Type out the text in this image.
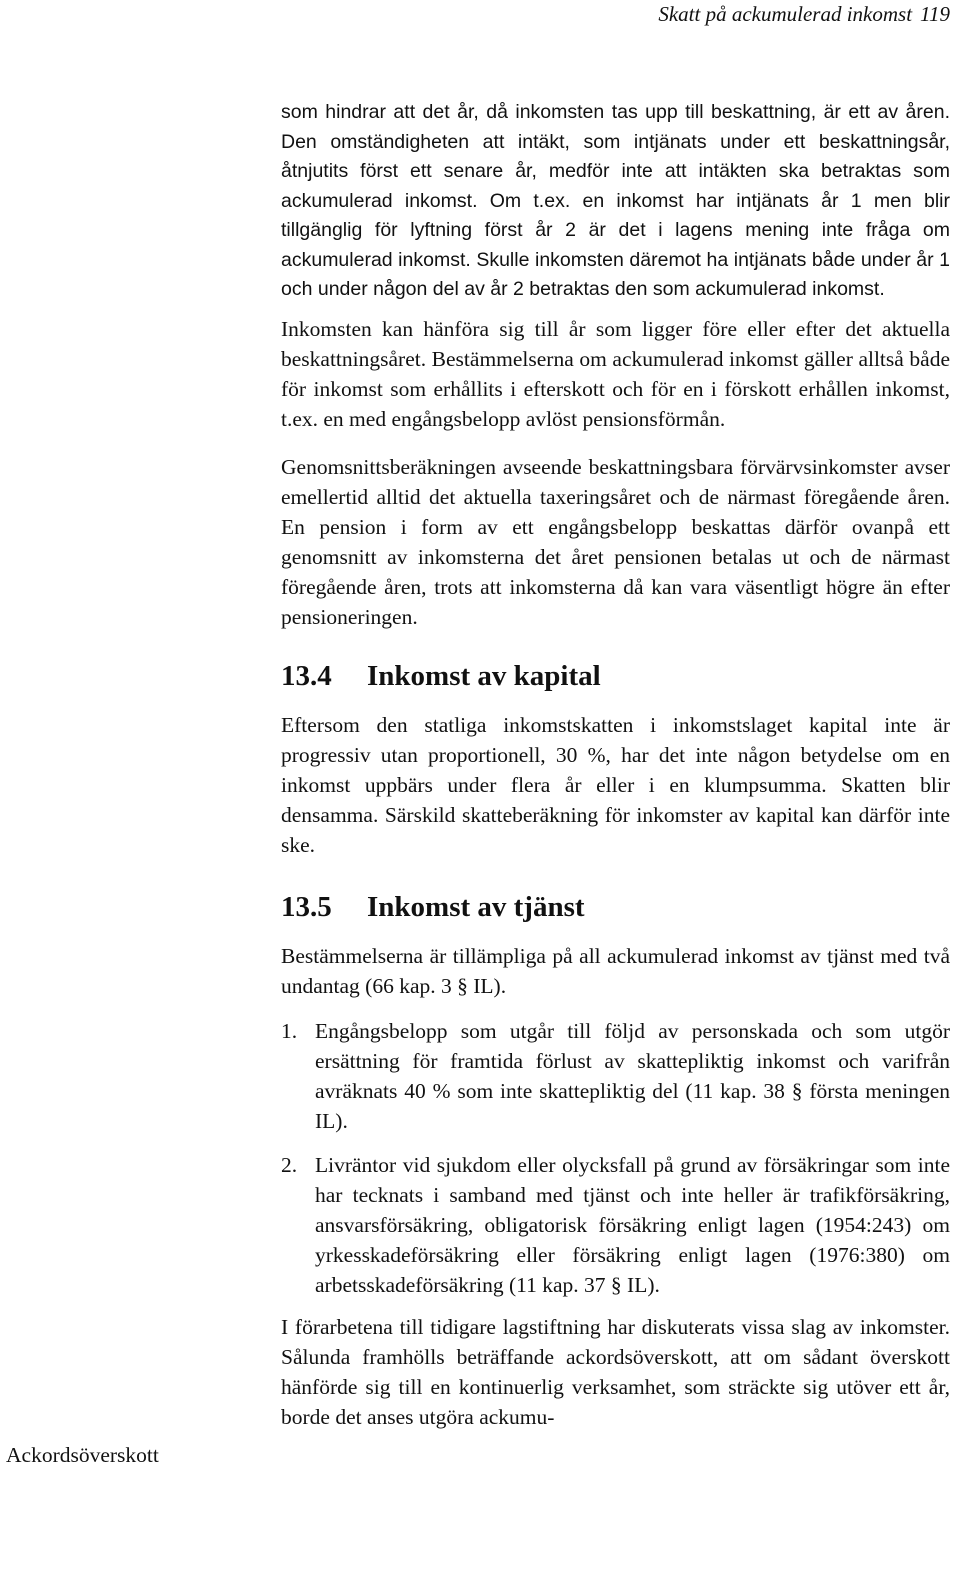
Skatt på ackumulerad inkomst 119
Ackordsöverskott

som hindrar att det år, då inkomsten tas upp till beskattning, är ett av åren. Den omständigheten att intäkt, som intjänats under ett beskattningsår, åtnjutits först ett senare år, medför inte att intäkten ska betraktas som ackumulerad inkomst. Om t.ex. en inkomst har intjänats år 1 men blir tillgänglig för lyftning först år 2 är det i lagens mening inte fråga om ackumulerad inkomst. Skulle inkomsten däremot ha intjänats både under år 1 och under någon del av år 2 betraktas den som ackumulerad inkomst.

Inkomsten kan hänföra sig till år som ligger före eller efter det aktuella beskattningsåret. Bestämmelserna om ackumulerad inkomst gäller alltså både för inkomst som erhållits i efterskott och för en i förskott erhållen inkomst, t.ex. en med engångsbelopp avlöst pensionsförmån.

Genomsnittsberäkningen avseende beskattningsbara förvärvsinkomster avser emellertid alltid det aktuella taxeringsåret och de närmast föregående åren. En pension i form av ett engångsbelopp beskattas därför ovanpå ett genomsnitt av inkomsterna det året pensionen betalas ut och de närmast föregående åren, trots att inkomsterna då kan vara väsentligt högre än efter pensioneringen.

13.4 Inkomst av kapital

Eftersom den statliga inkomstskatten i inkomstslaget kapital inte är progressiv utan proportionell, 30 %, har det inte någon betydelse om en inkomst uppbärs under flera år eller i en klumpsumma. Skatten blir densamma. Särskild skatteberäkning för inkomster av kapital kan därför inte ske.

13.5 Inkomst av tjänst

Bestämmelserna är tillämpliga på all ackumulerad inkomst av tjänst med två undantag (66 kap. 3 § IL).

1. Engångsbelopp som utgår till följd av personskada och som utgör ersättning för framtida förlust av skattepliktig inkomst och varifrån avräknats 40 % som inte skattepliktig del (11 kap. 38 § första meningen IL).

2. Livräntor vid sjukdom eller olycksfall på grund av försäkringar som inte har tecknats i samband med tjänst och inte heller är trafikförsäkring, ansvarsförsäkring, obligatorisk försäkring enligt lagen (1954:243) om yrkesskadeförsäkring eller försäkring enligt lagen (1976:380) om arbetsskadeförsäkring (11 kap. 37 § IL).

I förarbetena till tidigare lagstiftning har diskuterats vissa slag av inkomster. Sålunda framhölls beträffande ackordsöverskott, att om sådant överskott hänförde sig till en kontinuerlig verksamhet, som sträckte sig utöver ett år, borde det anses utgöra ackumu-
